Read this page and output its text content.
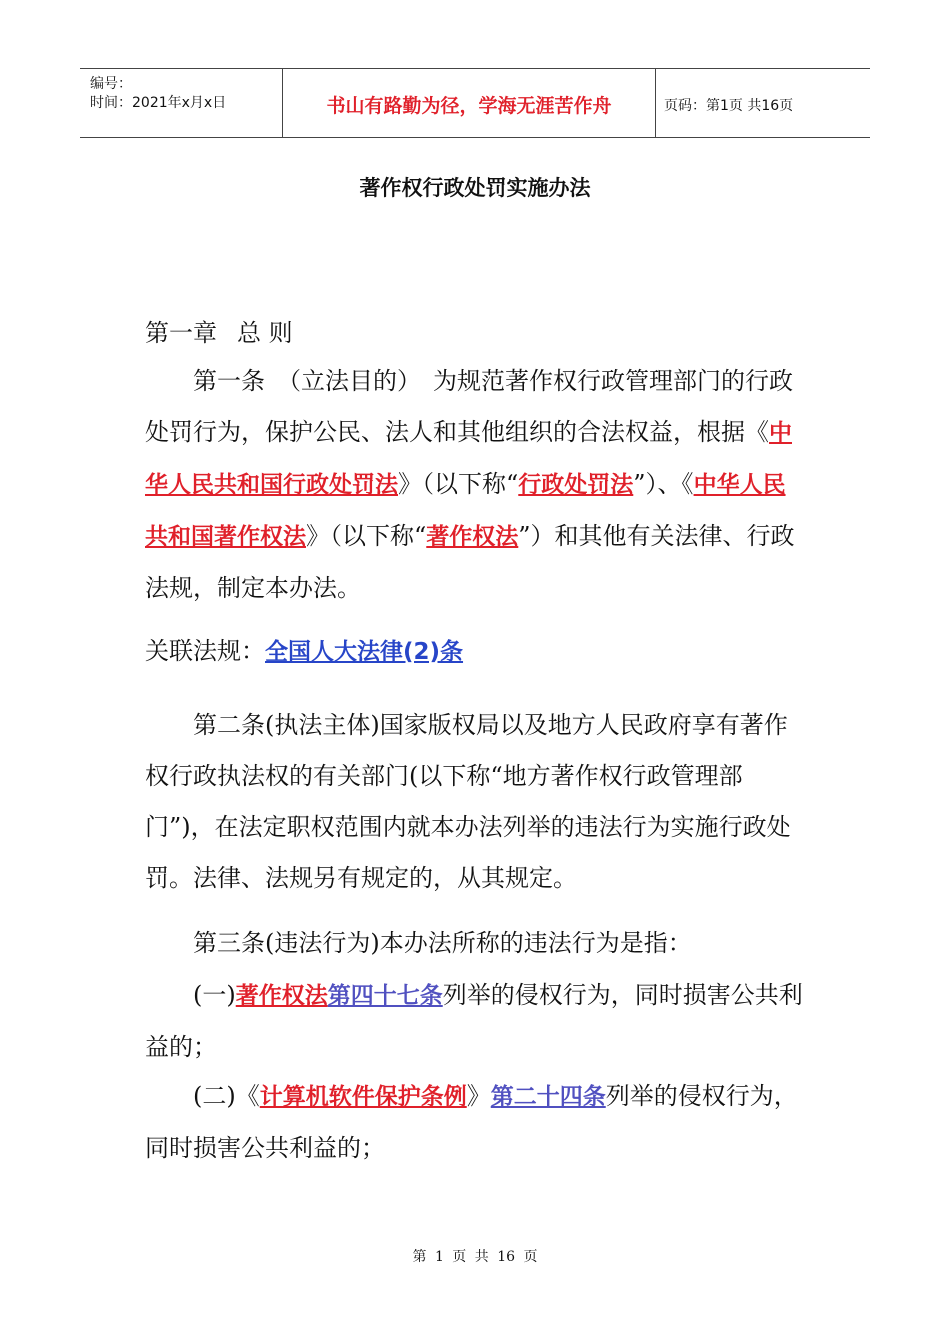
编号：
时间：2021年x月x日	书山有路勤为径，学海无涯苦作舟	页码：第1页 共16页
著作权行政处罚实施办法
第一章 总 则
第一条 （立法目的） 为规范著作权行政管理部门的行政处罚行为，保护公民、法人和其他组织的合法权益，根据《中华人民共和国行政处罚法》（以下称“行政处罚法”）、《中华人民共和国著作权法》（以下称“著作权法”）和其他有关法律、行政法规，制定本办法。
关联法规：全国人大法律(2)条
第二条(执法主体)国家版权局以及地方人民政府享有著作权行政执法权的有关部门(以下称“地方著作权行政管理部门”)，在法定职权范围内就本办法列举的违法行为实施行政处罚。法律、法规另有规定的，从其规定。
第三条(违法行为)本办法所称的违法行为是指：
(一)著作权法第四十七条列举的侵权行为，同时损害公共利益的；
(二)《计算机软件保护条例》第二十四条列举的侵权行为，同时损害公共利益的；
第 1 页 共 16 页
